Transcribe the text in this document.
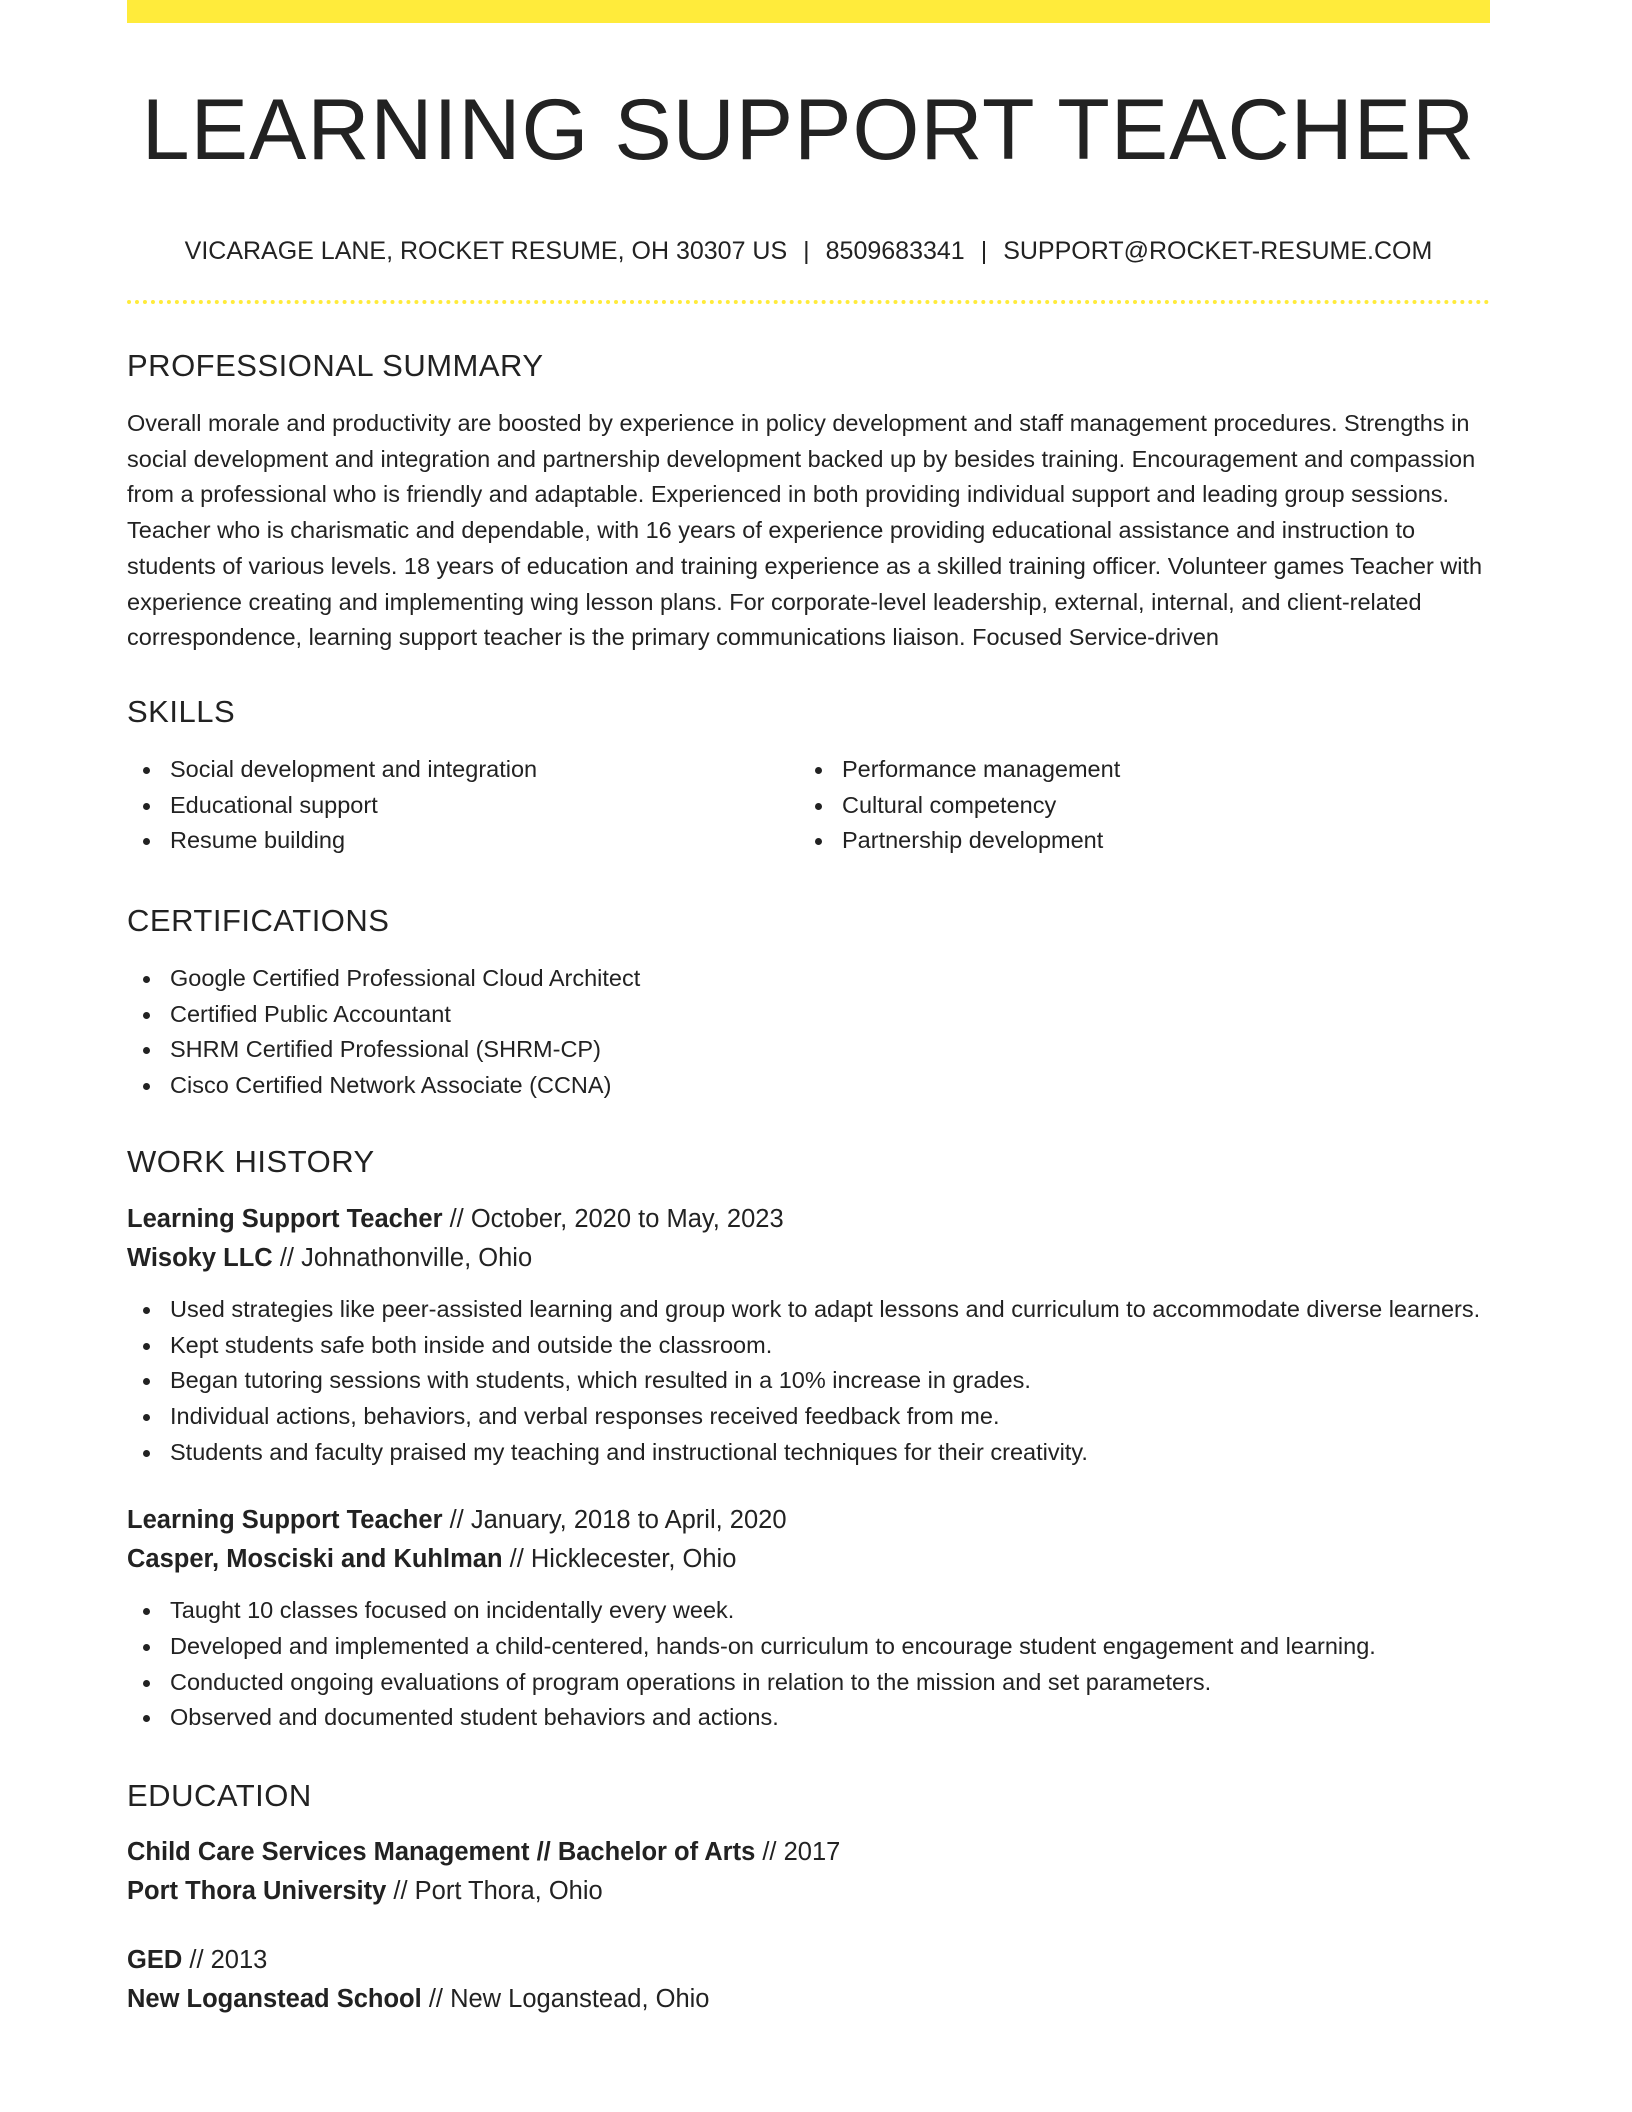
LEARNING SUPPORT TEACHER
VICARAGE LANE, ROCKET RESUME, OH 30307 US | 8509683341 | SUPPORT@ROCKET-RESUME.COM
PROFESSIONAL SUMMARY

Overall morale and productivity are boosted by experience in policy development and staff management procedures. Strengths in social development and integration and partnership development backed up by besides training. Encouragement and compassion from a professional who is friendly and adaptable. Experienced in both providing individual support and leading group sessions. Teacher who is charismatic and dependable, with 16 years of experience providing educational assistance and instruction to students of various levels. 18 years of education and training experience as a skilled training officer. Volunteer games Teacher with experience creating and implementing wing lesson plans. For corporate-level leadership, external, internal, and client-related correspondence, learning support teacher is the primary communications liaison. Focused Service-driven

SKILLS
Social development and integration
Educational support
Resume building
Performance management
Cultural competency
Partnership development
CERTIFICATIONS
Google Certified Professional Cloud Architect
Certified Public Accountant
SHRM Certified Professional (SHRM-CP)
Cisco Certified Network Associate (CCNA)
WORK HISTORY
Learning Support Teacher // October, 2020 to May, 2023
Wisoky LLC // Johnathonville, Ohio
Used strategies like peer-assisted learning and group work to adapt lessons and curriculum to accommodate diverse learners.
Kept students safe both inside and outside the classroom.
Began tutoring sessions with students, which resulted in a 10% increase in grades.
Individual actions, behaviors, and verbal responses received feedback from me.
Students and faculty praised my teaching and instructional techniques for their creativity.
Learning Support Teacher // January, 2018 to April, 2020
Casper, Mosciski and Kuhlman // Hicklecester, Ohio
Taught 10 classes focused on incidentally every week.
Developed and implemented a child-centered, hands-on curriculum to encourage student engagement and learning.
Conducted ongoing evaluations of program operations in relation to the mission and set parameters.
Observed and documented student behaviors and actions.
EDUCATION
Child Care Services Management // Bachelor of Arts // 2017
Port Thora University // Port Thora, Ohio
GED // 2013
New Loganstead School // New Loganstead, Ohio
